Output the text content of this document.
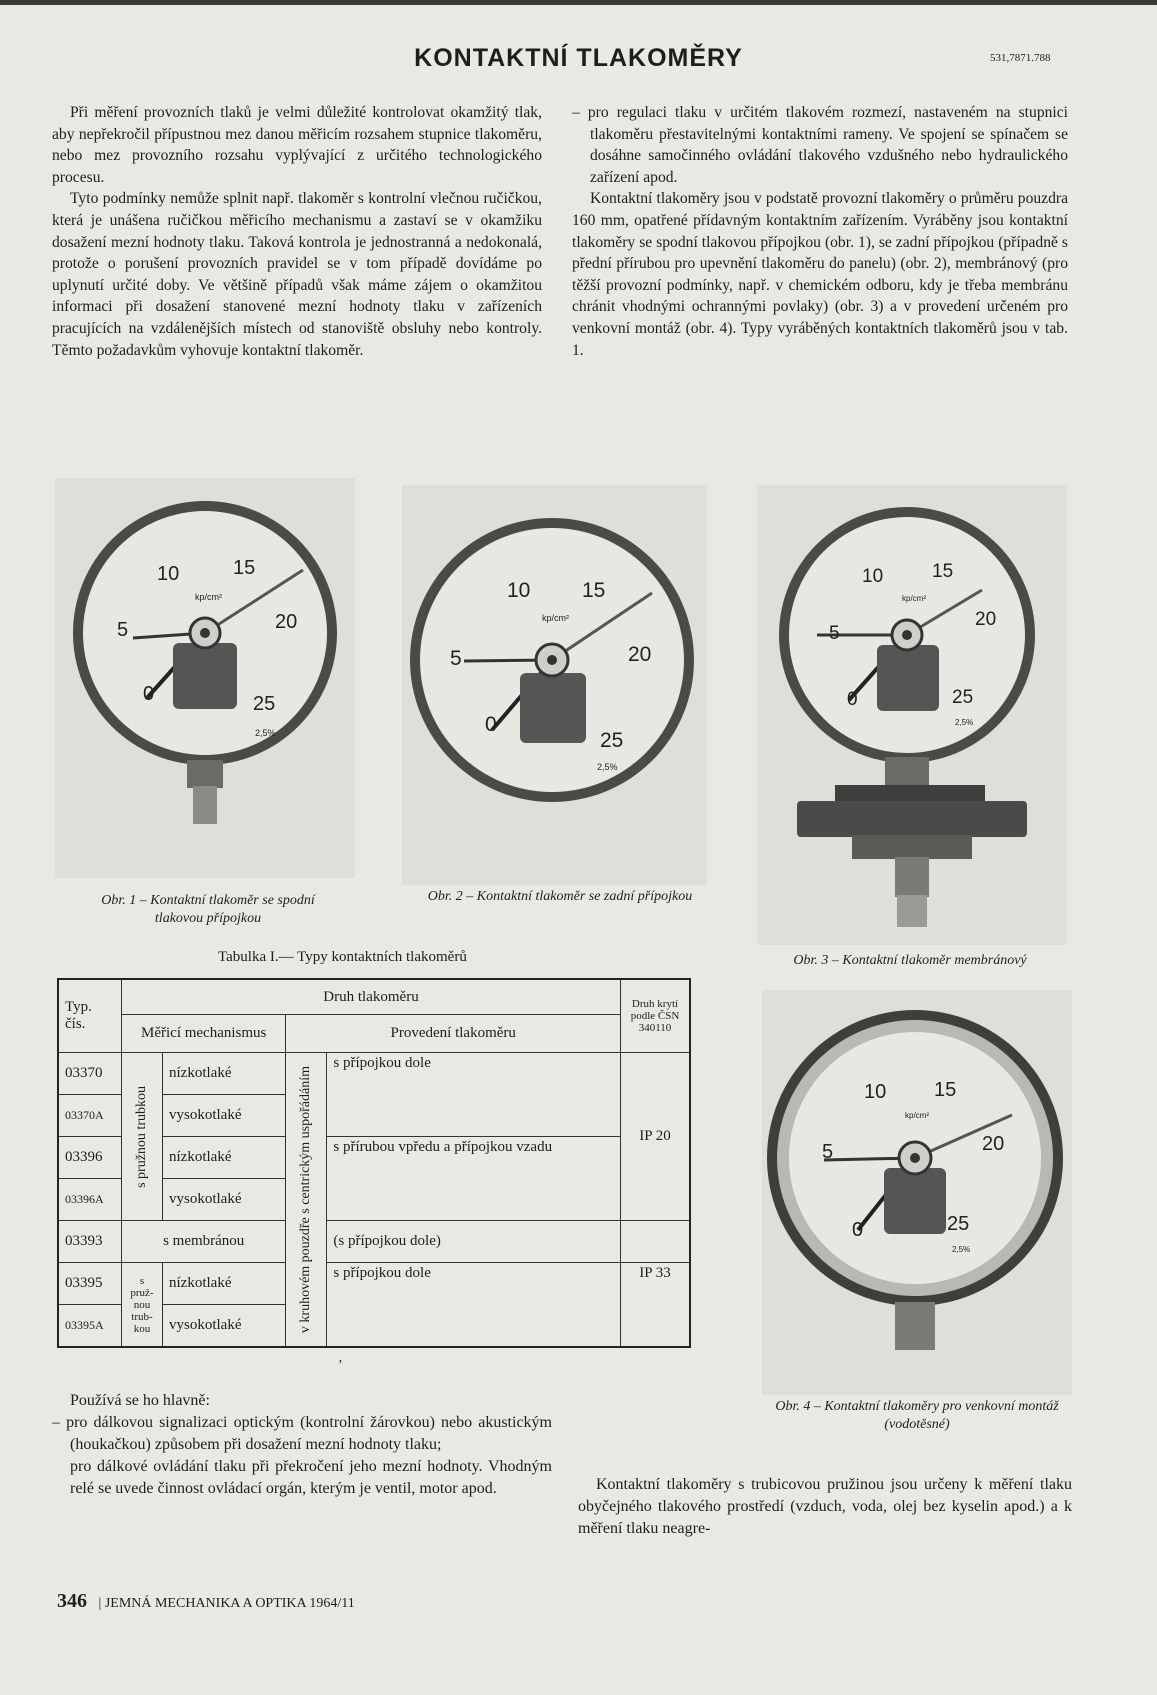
KONTAKTNÍ TLAKOMĚRY	531,7871.788

Při měření provozních tlaků je velmi důležité kontrolovat okamžitý tlak, aby nepřekročil přípustnou mez danou měřicím rozsahem stupnice tlakoměru, nebo mez provozního rozsahu vyplývající z určitého technologického procesu.

Tyto podmínky nemůže splnit např. tlakoměr s kontrolní vlečnou ručičkou, která je unášena ručičkou měřicího mechanismu a zastaví se v okamžiku dosažení mezní hodnoty tlaku. Taková kontrola je jednostranná a nedokonalá, protože o porušení provozních pravidel se v tom případě dovídáme po uplynutí určité doby. Ve většině případů však máme zájem o okamžitou informaci při dosažení stanovené mezní hodnoty tlaku v zařízeních pracujících na vzdálenějších místech od stanoviště obsluhy nebo kontroly. Těmto požadavkům vyhovuje kontaktní tlakoměr.

– pro regulaci tlaku v určitém tlakovém rozmezí, nastaveném na stupnici tlakoměru přestavitelnými kontaktními rameny. Ve spojení se spínačem se dosáhne samočinného ovládání tlakového vzdušného nebo hydraulického zařízení apod.

Kontaktní tlakoměry jsou v podstatě provozní tlakoměry o průměru pouzdra 160 mm, opatřené přídavným kontaktním zařízením. Vyráběny jsou kontaktní tlakoměry se spodní tlakovou přípojkou (obr. 1), se zadní přípojkou (případně s přední přírubou pro upevnění tlakoměru do panelu) (obr. 2), membránový (pro těžší provozní podmínky, např. v chemickém odboru, kdy je třeba membránu chránit vhodnými ochrannými povlaky) (obr. 3) a v provedení určeném pro venkovní montáž (obr. 4). Typy vyráběných kontaktních tlakoměrů jsou v tab. 1.

0
5
10	15
20
25
kp/cm²
2,5%	0
5
10 15
20
25
kp/cm²
2,5%
0
5
10	15
20
25
kp/cm²
2,5%
Obr. 1 – Kontaktní tlakoměr se spodní tlakovou přípojkou
Obr. 2 – Kontaktní tlakoměr se zadní přípojkou
Obr. 3 – Kontaktní tlakoměr membránový
Tabulka I.— Typy kontaktních tlakoměrů
Typ. čís.	Druh tlakoměru				Druh krytí podle ČSN 340110
	Měřicí mechanismus		Provedení tlakoměru		
03370	s pružnou trubkou	nízkotlaké	v kruhovém pouzdře s centrickým uspořádáním	s přípojkou dole	IP 20
03370A		vysokotlaké			
03396		nízkotlaké		s přírubou vpředu a přípojkou vzadu	
03396A		vysokotlaké			
03393	s membránou			(s přípojkou dole)	
03395	s pruž-nou trub-kou	nízkotlaké		s přípojkou dole	IP 33
03395A		vysokotlaké			
ʼ
0
5
10 15
20
25
kp/cm²
2,5%
Obr. 4 – Kontaktní tlakoměry pro venkovní montáž (vodotěsné)

Používá se ho hlavně:

– pro dálkovou signalizaci optickým (kontrolní žárovkou) nebo akustickým (houkačkou) způsobem při dosažení mezní hodnoty tlaku;

pro dálkové ovládání tlaku při překročení jeho mezní hodnoty. Vhodným relé se uvede činnost ovládací orgán, kterým je ventil, motor apod.	Kontaktní tlakoměry s trubicovou pružinou jsou určeny k měření tlaku obyčejného tlakového prostředí (vzduch, voda, olej bez kyselin apod.) a k měření tlaku neagre-

346 | JEMNÁ MECHANIKA A OPTIKA 1964/11
